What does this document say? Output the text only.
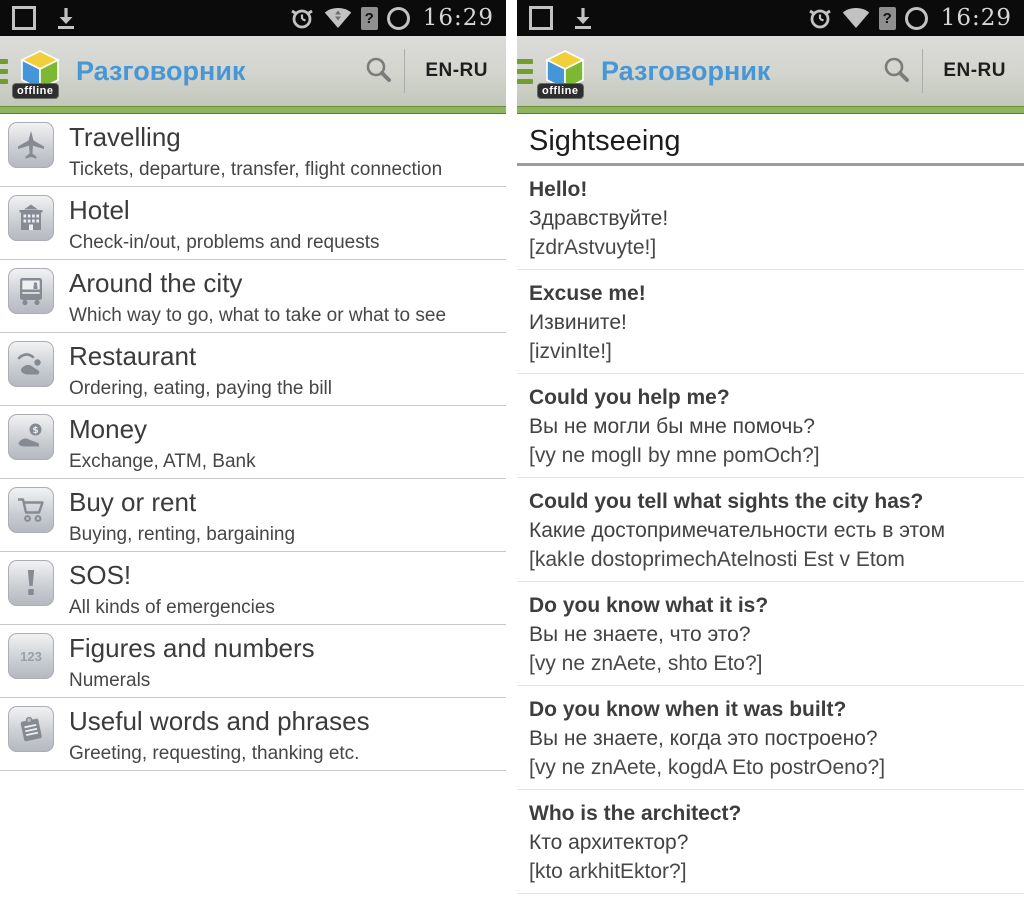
? 16:29
offline
Разговорник	EN-RU
Travelling
Tickets, departure, transfer, flight connection
Hotel
Check-in/out, problems and requests
Around the city
Which way to go, what to take or what to see
Restaurant
Ordering, eating, paying the bill
$ Money
Exchange, ATM, Bank
Buy or rent
Buying, renting, bargaining
SOS!
All kinds of emergencies
123 Figures and numbers
Numerals
Useful words and phrases
Greeting, requesting, thanking etc.
? 16:29
offline
Разговорник	EN-RU
Sightseeing
Hello!
Здравствуйте!
[zdrAstvuyte!]
Excuse me!
Извините!
[izvinIte!]
Could you help me?
Вы не могли бы мне помочь?
[vy ne moglI by mne pomOch?]
Could you tell what sights the city has?
Какие достопримечательности есть в этом
[kakIe dostoprimechAtelnosti Est v Etom
Do you know what it is?
Вы не знаете, что это?
[vy ne znAete, shto Eto?]
Do you know when it was built?
Вы не знаете, когда это построено?
[vy ne znAete, kogdA Eto postrOeno?]
Who is the architect?
Кто архитектор?
[kto arkhitEktor?]
